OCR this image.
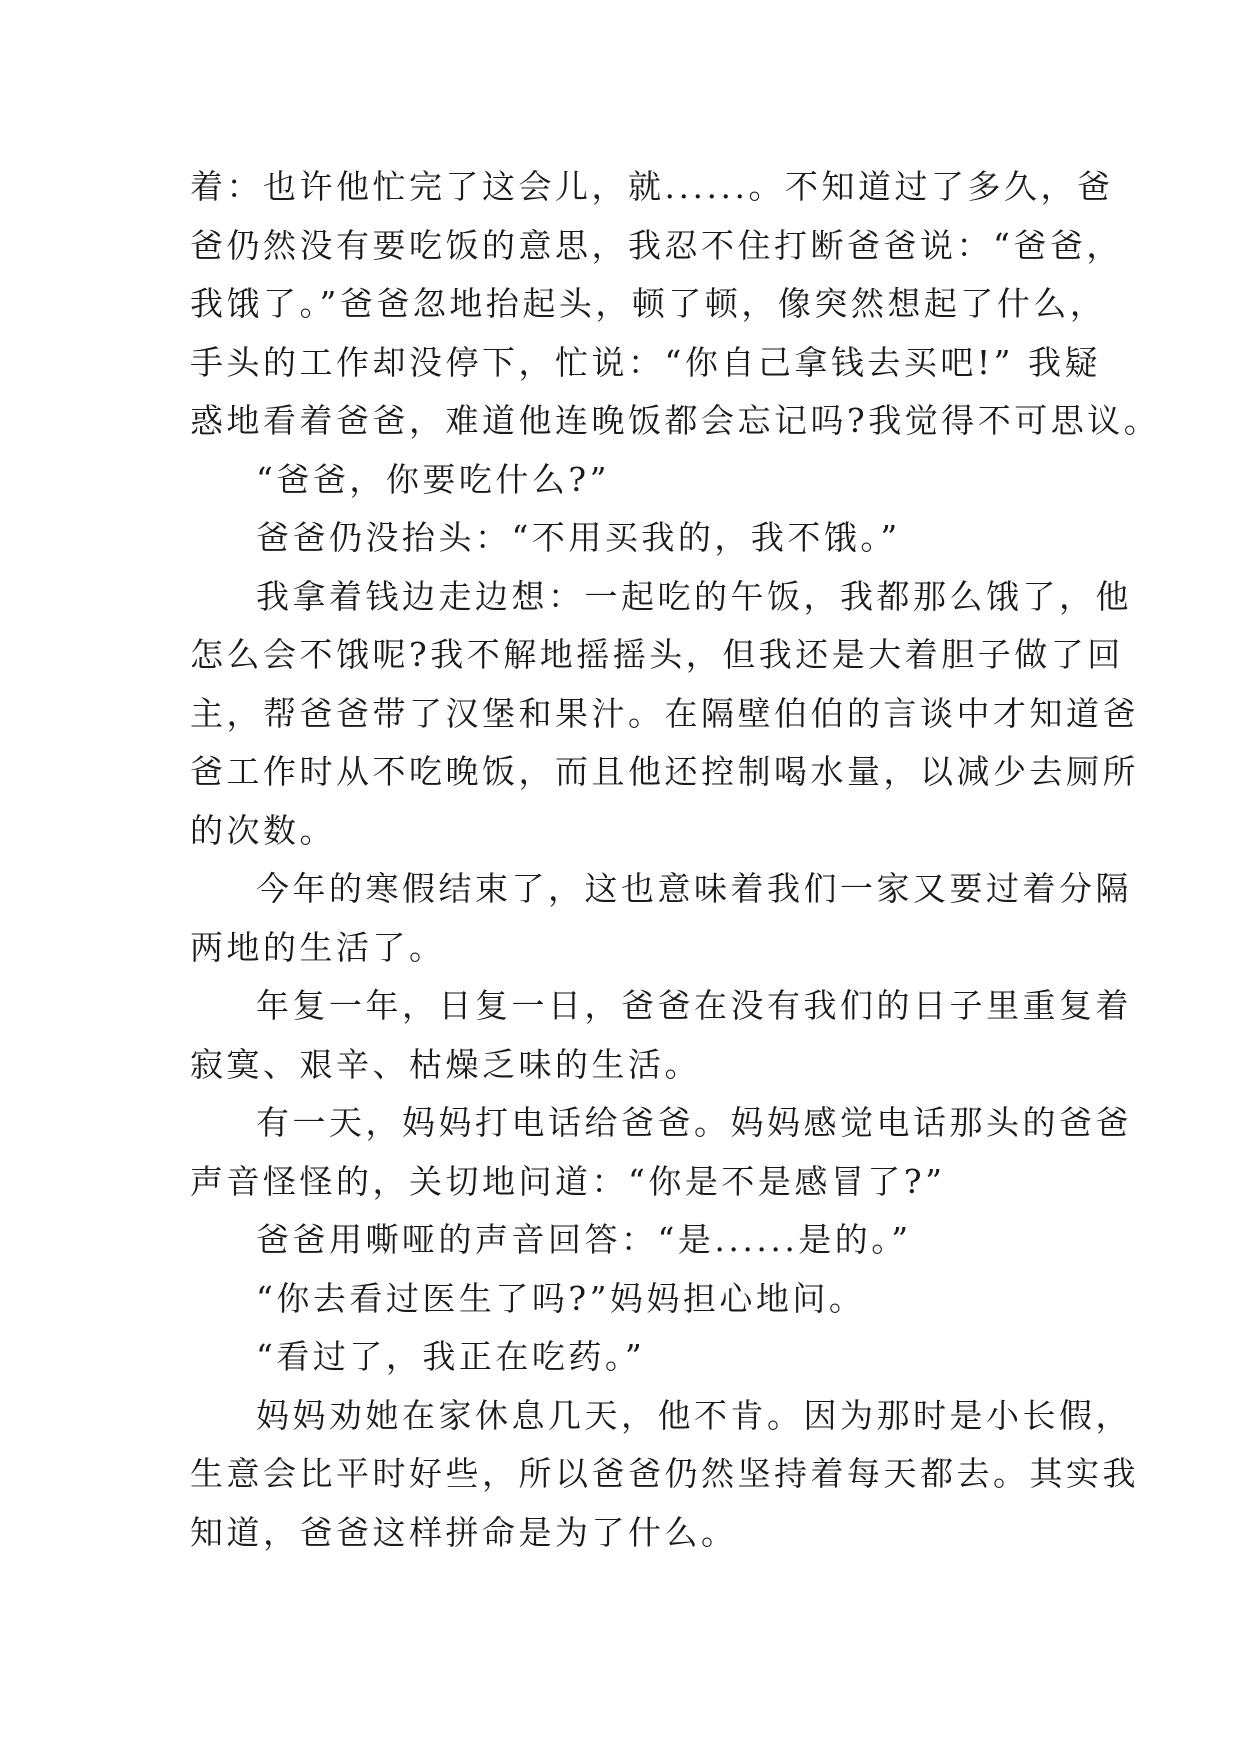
着：也许他忙完了这会儿，就......。不知道过了多久，爸
爸仍然没有要吃饭的意思，我忍不住打断爸爸说：“爸爸，
我饿了。”爸爸忽地抬起头，顿了顿，像突然想起了什么，
手头的工作却没停下，忙说：“你自己拿钱去买吧!” 我疑
惑地看着爸爸，难道他连晚饭都会忘记吗?我觉得不可思议。
“爸爸，你要吃什么?”
爸爸仍没抬头：“不用买我的，我不饿。”
我拿着钱边走边想：一起吃的午饭，我都那么饿了，他
怎么会不饿呢?我不解地摇摇头，但我还是大着胆子做了回
主，帮爸爸带了汉堡和果汁。在隔壁伯伯的言谈中才知道爸
爸工作时从不吃晚饭，而且他还控制喝水量，以减少去厕所
的次数。
今年的寒假结束了，这也意味着我们一家又要过着分隔
两地的生活了。
年复一年，日复一日，爸爸在没有我们的日子里重复着
寂寞、艰辛、枯燥乏味的生活。
有一天，妈妈打电话给爸爸。妈妈感觉电话那头的爸爸
声音怪怪的，关切地问道：“你是不是感冒了?”
爸爸用嘶哑的声音回答：“是......是的。”
“你去看过医生了吗?”妈妈担心地问。
“看过了，我正在吃药。”
妈妈劝她在家休息几天，他不肯。因为那时是小长假，
生意会比平时好些，所以爸爸仍然坚持着每天都去。其实我
知道，爸爸这样拼命是为了什么。
